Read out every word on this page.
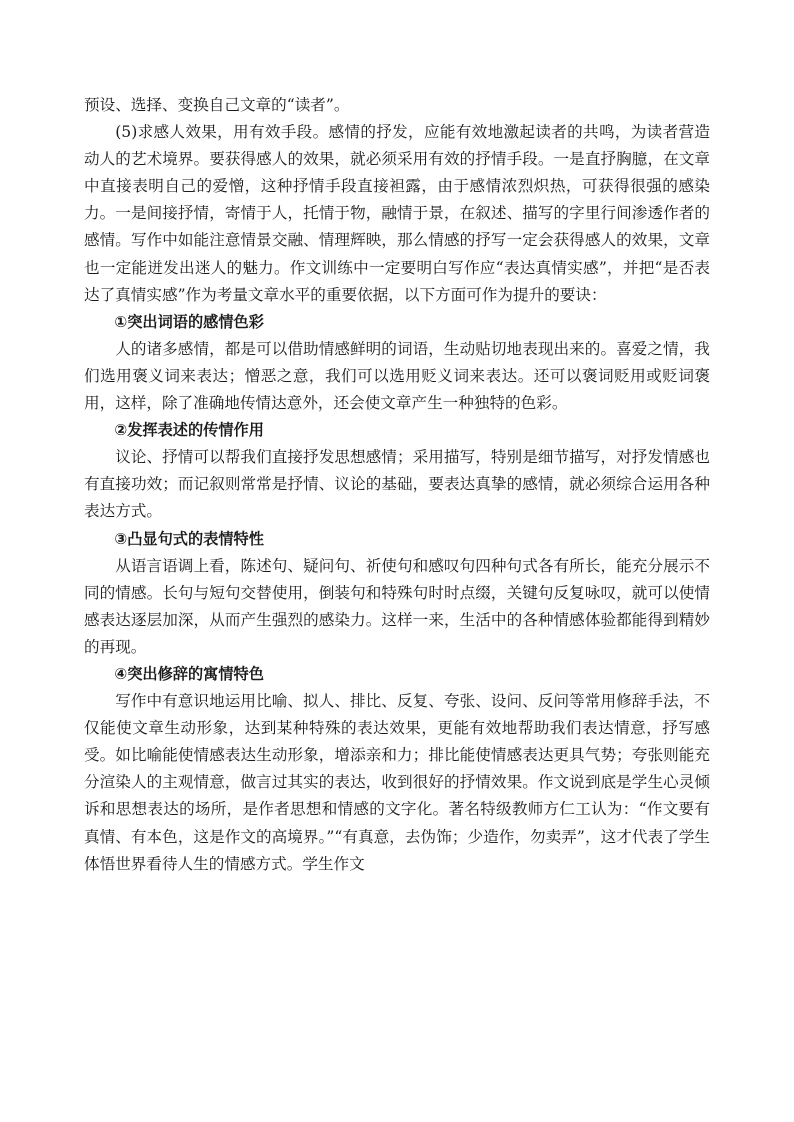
预设、选择、变换自己文章的“读者”。

(5)求感人效果，用有效手段。感情的抒发，应能有效地激起读者的共鸣，为读者营造动人的艺术境界。要获得感人的效果，就必须采用有效的抒情手段。一是直抒胸臆，在文章中直接表明自己的爱憎，这种抒情手段直接袒露，由于感情浓烈炽热，可获得很强的感染力。一是间接抒情，寄情于人，托情于物，融情于景，在叙述、描写的字里行间渗透作者的感情。写作中如能注意情景交融、情理辉映，那么情感的抒写一定会获得感人的效果，文章也一定能迸发出迷人的魅力。作文训练中一定要明白写作应“表达真情实感”，并把“是否表达了真情实感”作为考量文章水平的重要依据，以下方面可作为提升的要诀：

①突出词语的感情色彩

人的诸多感情，都是可以借助情感鲜明的词语，生动贴切地表现出来的。喜爱之情，我们选用褒义词来表达；憎恶之意，我们可以选用贬义词来表达。还可以褒词贬用或贬词褒用，这样，除了准确地传情达意外，还会使文章产生一种独特的色彩。

②发挥表述的传情作用

议论、抒情可以帮我们直接抒发思想感情；采用描写，特别是细节描写，对抒发情感也有直接功效；而记叙则常常是抒情、议论的基础，要表达真挚的感情，就必须综合运用各种表达方式。

③凸显句式的表情特性

从语言语调上看，陈述句、疑问句、祈使句和感叹句四种句式各有所长，能充分展示不同的情感。长句与短句交替使用，倒装句和特殊句时时点缀，关键句反复咏叹，就可以使情感表达逐层加深，从而产生强烈的感染力。这样一来，生活中的各种情感体验都能得到精妙的再现。

④突出修辞的寓情特色

写作中有意识地运用比喻、拟人、排比、反复、夸张、设问、反问等常用修辞手法，不仅能使文章生动形象，达到某种特殊的表达效果，更能有效地帮助我们表达情意，抒写感受。如比喻能使情感表达生动形象，增添亲和力；排比能使情感表达更具气势；夸张则能充分渲染人的主观情意，做言过其实的表达，收到很好的抒情效果。作文说到底是学生心灵倾诉和思想表达的场所，是作者思想和情感的文字化。著名特级教师方仁工认为：“作文要有真情、有本色，这是作文的高境界。”“有真意，去伪饰；少造作，勿卖弄”，这才代表了学生体悟世界看待人生的情感方式。学生作文
